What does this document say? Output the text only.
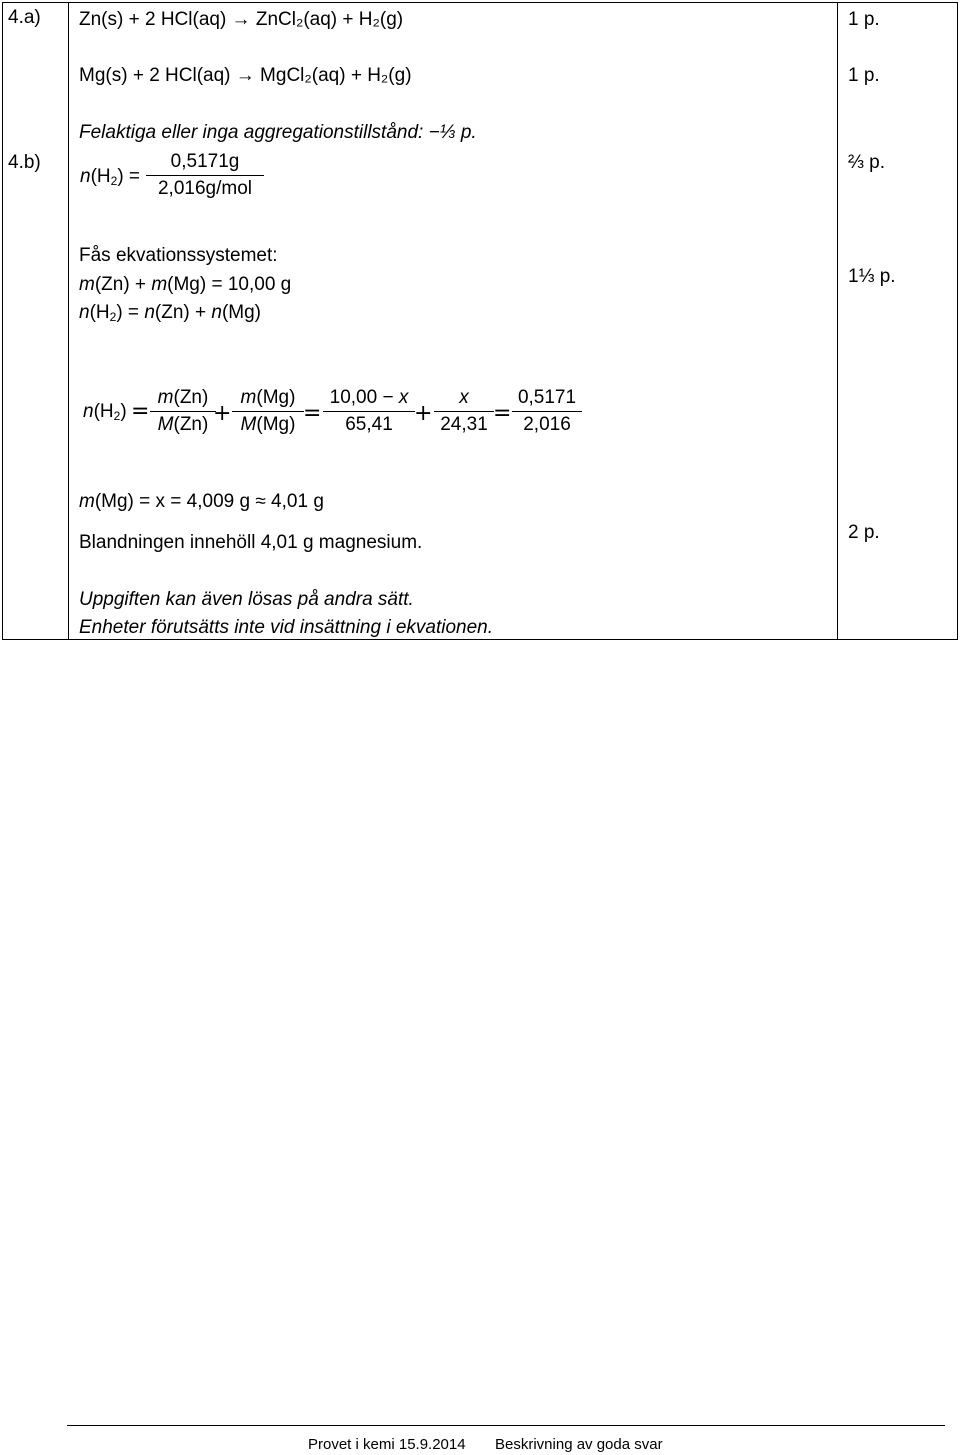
4.a) Zn(s) + 2 HCl(aq) → ZnCl₂(aq) + H₂(g)
Mg(s) + 2 HCl(aq) → MgCl₂(aq) + H₂(g)
1 p.
1 p.
Felaktiga eller inga aggregationstillstånd: −⅓ p.
4.b)
$n(H_2)$ =
0,5171g
2,016g/mol
⅔ p.
Fås ekvationssystemet:
m(Zn) + m(Mg) = 10,00 g
$n(H_2) = n(Zn) + n(Mg)$
1⅓ p.
$n(H_2)$ =
m(Zn)
M(Zn) +
m(Mg)
M(Mg) =
10,00 − x
65,41 +
x
24,31 =
0,5171
2,016
m(Mg) = x = 4,009 g ≈ 4,01 g
Blandningen innehöll 4,01 g magnesium.	2 p.
Uppgiften kan även lösas på andra sätt.
Enheter förutsätts inte vid insättning i ekvationen.
Provet i kemi 15.9.2014 Beskrivning av goda svar
